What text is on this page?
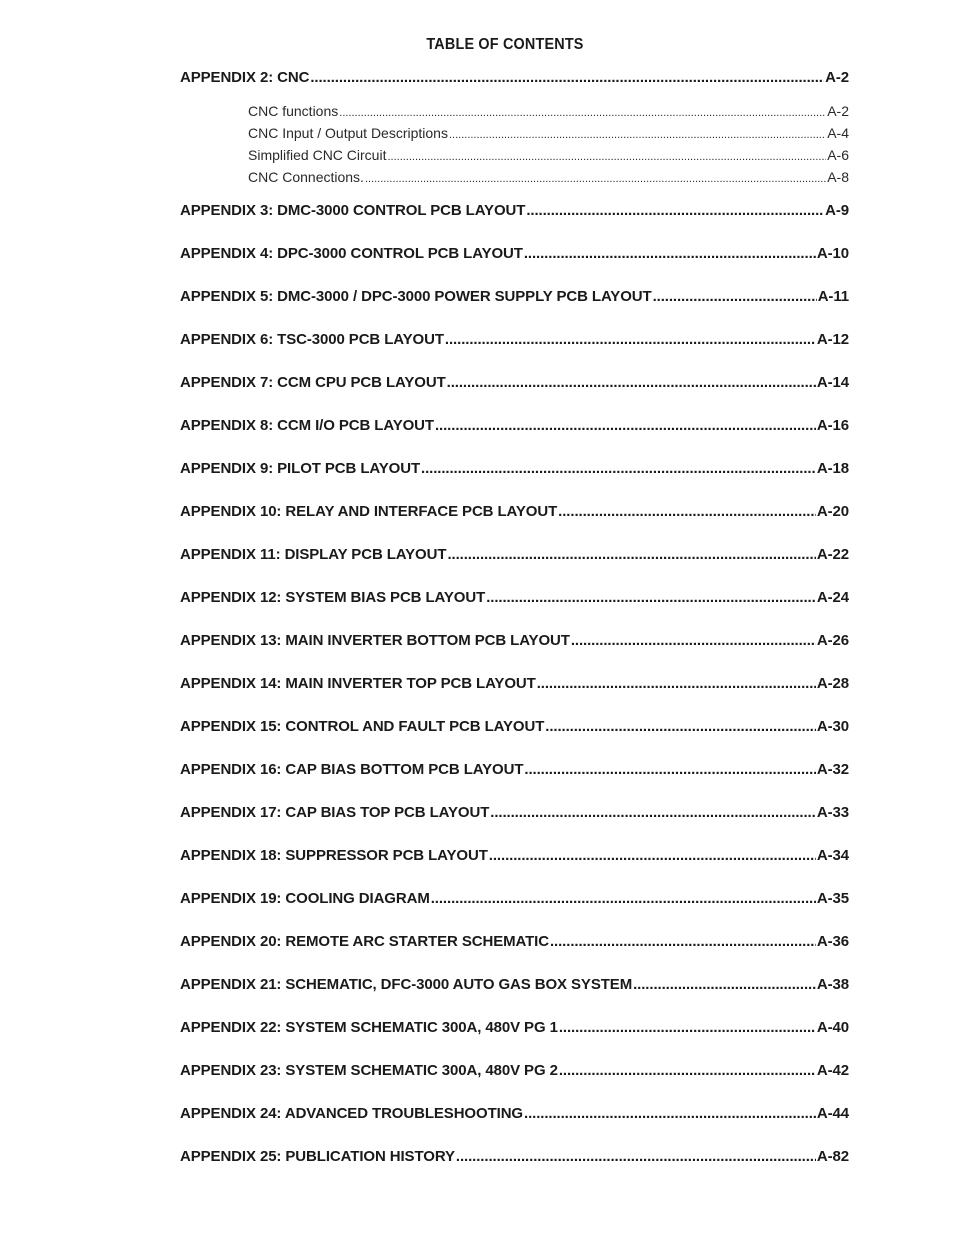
TABLE OF CONTENTS
APPENDIX 2: CNC .....	A-2
CNC functions .....	A-2
CNC Input / Output Descriptions .....	A-4
Simplified CNC Circuit .....	A-6
CNC Connections. .....	A-8
APPENDIX 3: DMC-3000 CONTROL PCB LAYOUT .....	A-9
APPENDIX 4: DPC-3000 CONTROL PCB LAYOUT .....	A-10
APPENDIX 5: DMC-3000 / DPC-3000 POWER SUPPLY PCB LAYOUT .....	A-11
APPENDIX 6: TSC-3000 PCB LAYOUT .....	A-12
APPENDIX 7: CCM CPU PCB LAYOUT .....	A-14
APPENDIX 8: CCM I/O PCB LAYOUT .....	A-16
APPENDIX 9: PILOT PCB LAYOUT .....	A-18
APPENDIX 10: RELAY AND INTERFACE PCB LAYOUT .....	A-20
APPENDIX 11: DISPLAY PCB LAYOUT .....	A-22
APPENDIX 12: SYSTEM BIAS PCB LAYOUT .....	A-24
APPENDIX 13: MAIN INVERTER BOTTOM PCB LAYOUT .....	A-26
APPENDIX 14: MAIN INVERTER TOP PCB LAYOUT .....	A-28
APPENDIX 15: CONTROL AND FAULT PCB LAYOUT .....	A-30
APPENDIX 16: CAP BIAS BOTTOM PCB LAYOUT .....	A-32
APPENDIX 17: CAP BIAS TOP PCB LAYOUT .....	A-33
APPENDIX 18: SUPPRESSOR PCB LAYOUT .....	A-34
APPENDIX 19: COOLING DIAGRAM .....	A-35
APPENDIX 20: REMOTE ARC STARTER SCHEMATIC .....	A-36
APPENDIX 21: SCHEMATIC, DFC-3000 AUTO GAS BOX SYSTEM .....	A-38
APPENDIX 22: SYSTEM SCHEMATIC 300A, 480V PG 1 .....	A-40
APPENDIX 23: SYSTEM SCHEMATIC 300A, 480V PG 2 .....	A-42
APPENDIX 24: ADVANCED TROUBLESHOOTING .....	A-44
APPENDIX 25: PUBLICATION HISTORY .....	A-82
